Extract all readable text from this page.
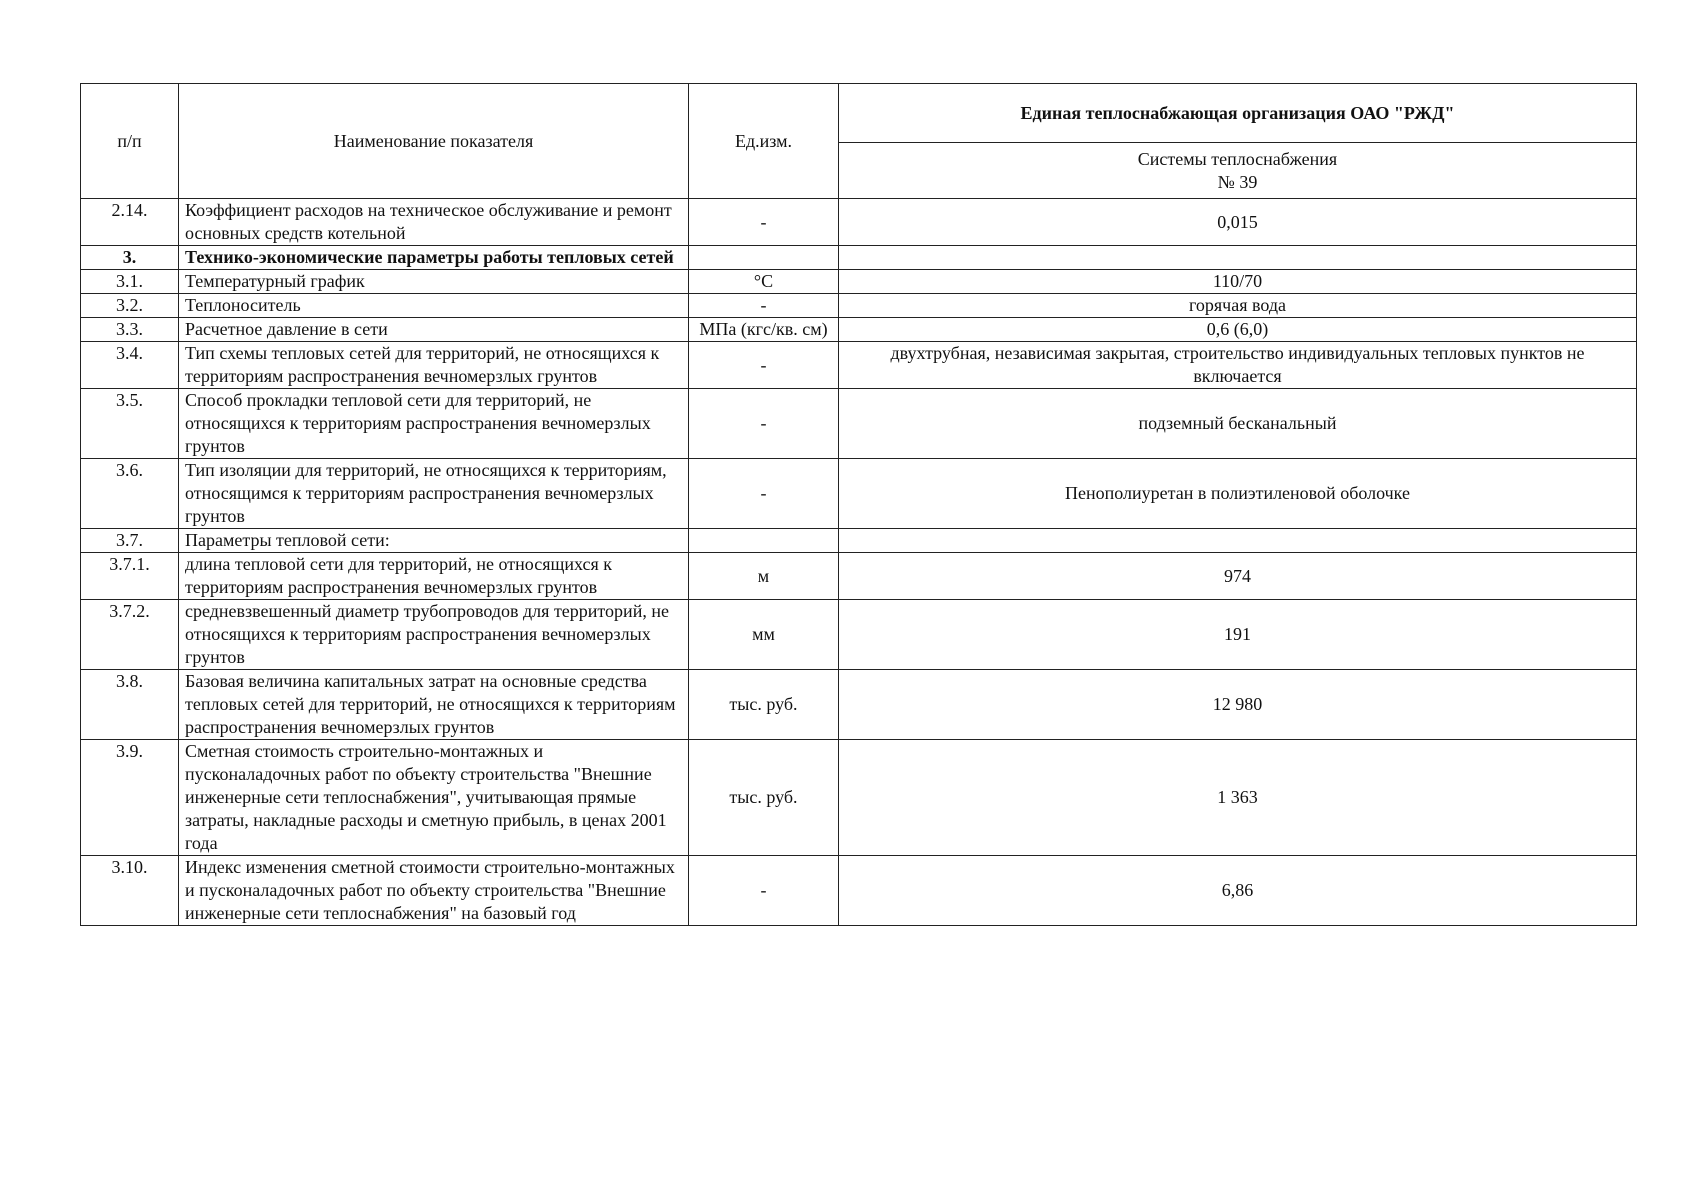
п/п	Наименование показателя	Ед.изм.	Единая теплоснабжающая организация ОАО "РЖД"

			Системы теплоснабжения
№ 39

2.14.	Коэффициент расходов на техническое обслуживание и ремонт основных средств котельной	-	0,015
3.	Технико-экономические параметры работы тепловых сетей		
3.1.	Температурный график	°С	110/70
3.2.	Теплоноситель	-	горячая вода
3.3.	Расчетное давление в сети	МПа (кгс/кв. см)	0,6 (6,0)
3.4.	Тип схемы тепловых сетей для территорий, не относящихся к территориям распространения вечномерзлых грунтов	-	двухтрубная, независимая закрытая, строительство индивидуальных тепловых пунктов не включается
3.5.	Способ прокладки тепловой сети для территорий, не относящихся к территориям распространения вечномерзлых грунтов	-	подземный бесканальный
3.6.	Тип изоляции для территорий, не относящихся к территориям, относящимся к территориям распространения вечномерзлых грунтов	-	Пенополиуретан в полиэтиленовой оболочке
3.7.	Параметры тепловой сети:		
3.7.1.	длина тепловой сети для территорий, не относящихся к территориям распространения вечномерзлых грунтов	м	974
3.7.2.	средневзвешенный диаметр трубопроводов для территорий, не относящихся к территориям распространения вечномерзлых грунтов	мм	191
3.8.	Базовая величина капитальных затрат на основные средства тепловых сетей для территорий, не относящихся к территориям распространения вечномерзлых грунтов	тыс. руб.	12 980
3.9.	Сметная стоимость строительно-монтажных и пусконаладочных работ по объекту строительства "Внешние инженерные сети теплоснабжения", учитывающая прямые затраты, накладные расходы и сметную прибыль, в ценах 2001 года	тыс. руб.	1 363
3.10.	Индекс изменения сметной стоимости строительно-монтажных и пусконаладочных работ по объекту строительства "Внешние инженерные сети теплоснабжения" на базовый год	-	6,86
